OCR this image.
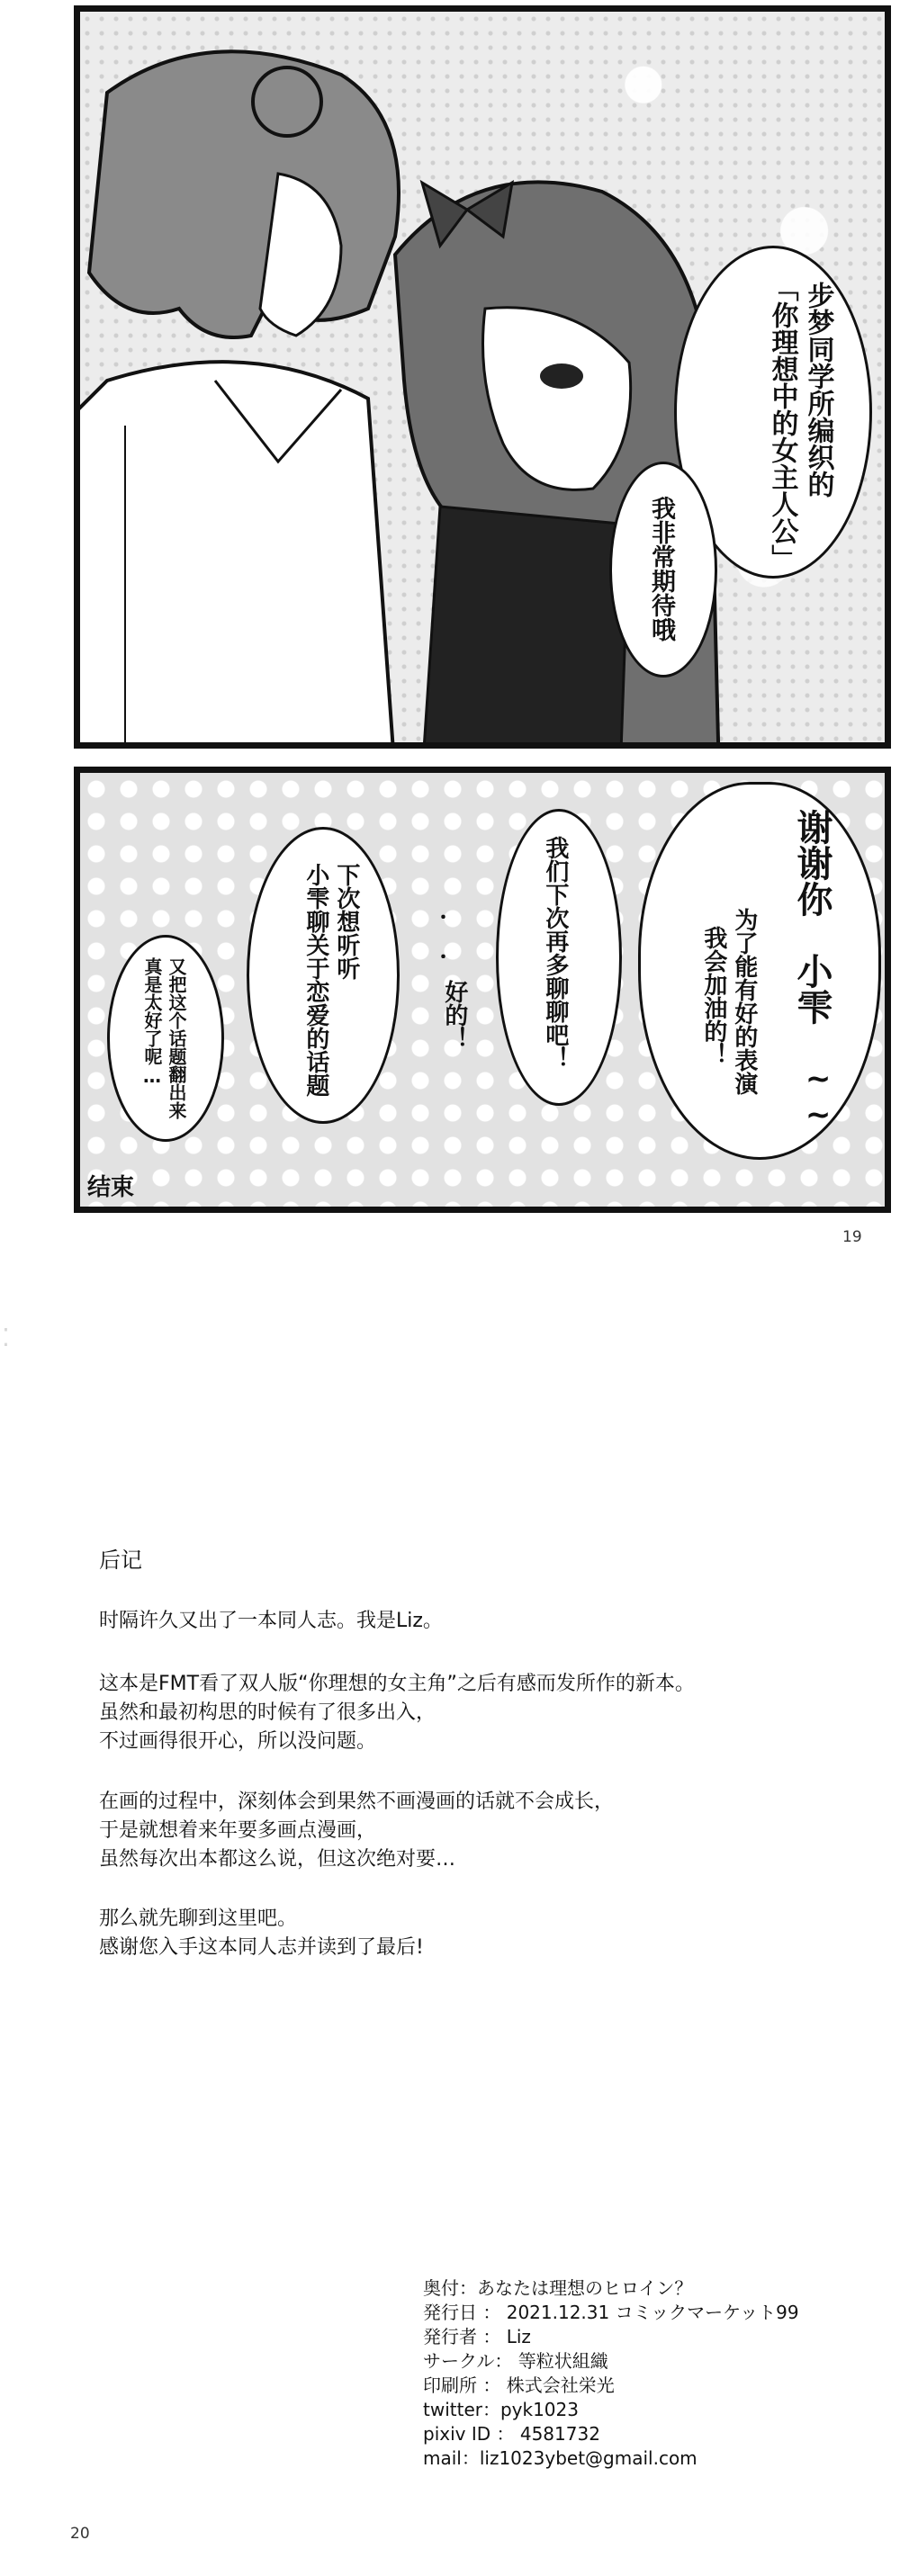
步梦同学所编织的
「你理想中的女主人公」
我非常期待哦
谢谢你
小雫
~~
为了能有好的表演
我会加油的！
我们下次再多聊聊吧！
好的！
下次想听听
小雫聊关于恋爱的话题	･ ･
又把这个话题翻出来
真是太好了呢…
结束
19
⁚
后记
时隔许久又出了一本同人志。我是Liz。
这本是FMT看了双人版“你理想的女主角”之后有感而发所作的新本。
虽然和最初构思的时候有了很多出入，
不过画得很开心，所以没问题。
在画的过程中，深刻体会到果然不画漫画的话就不会成长，
于是就想着来年要多画点漫画，
虽然每次出本都这么说，但这次绝对要…
那么就先聊到这里吧。
感谢您入手这本同人志并读到了最后!
奥付：あなたは理想のヒロイン？
発行日 ： 2021.12.31 コミックマーケット99
発行者 ： Liz
サークル： 等粒状組織
印刷所 ： 株式会社栄光
twitter：pyk1023
pixiv ID ： 4581732
mail：liz1023ybet@gmail.com
20
